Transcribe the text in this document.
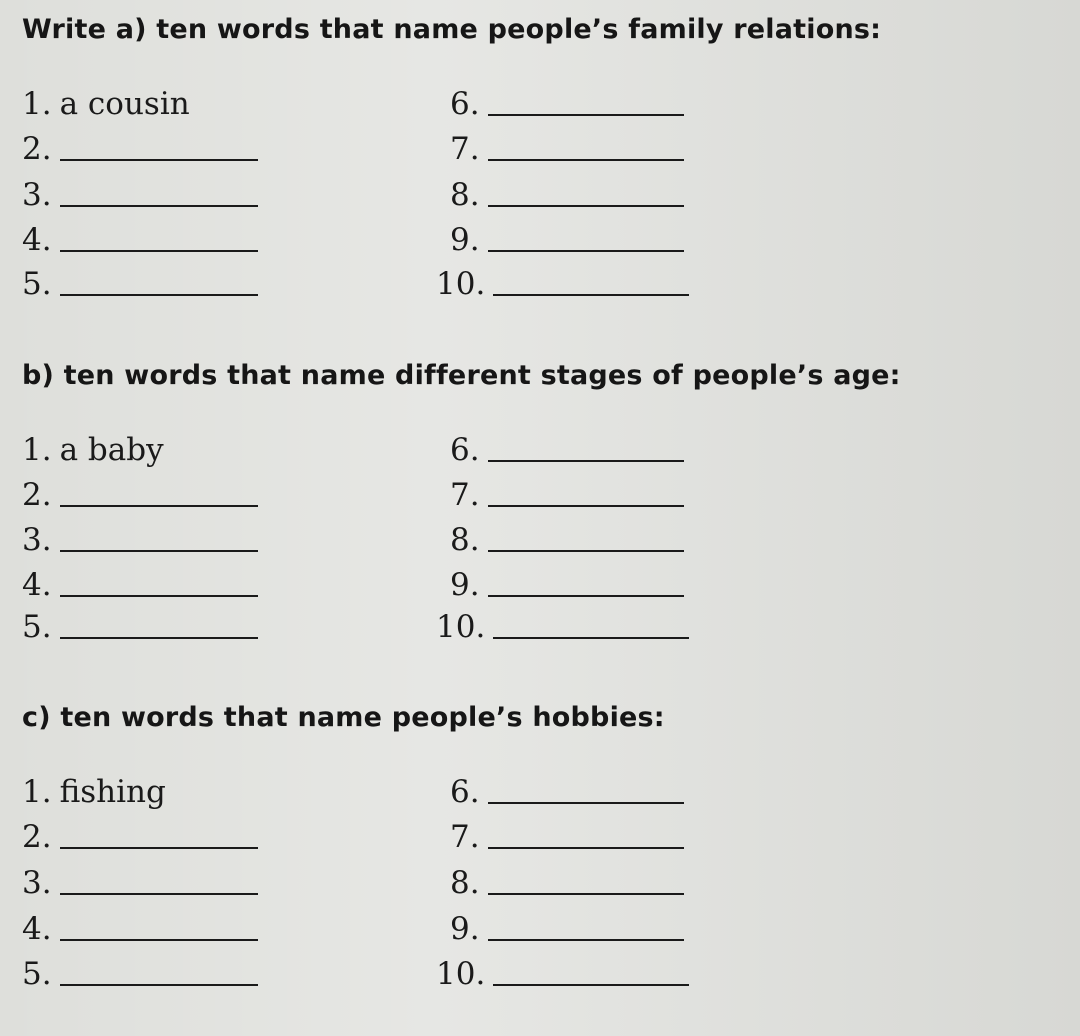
Write a) ten words that name people’s family relations:
1. a cousin
2.
3.
4.
5.
6.
7.
8.
9.
10.
b) ten words that name different stages of people’s age:
1. a baby
2.
3.
4.
5.
6.
7.
8.
9.
10.
c) ten words that name people’s hobbies:
1. fishing
2.
3.
4.
5.
6.
7.
8.
9.
10.
